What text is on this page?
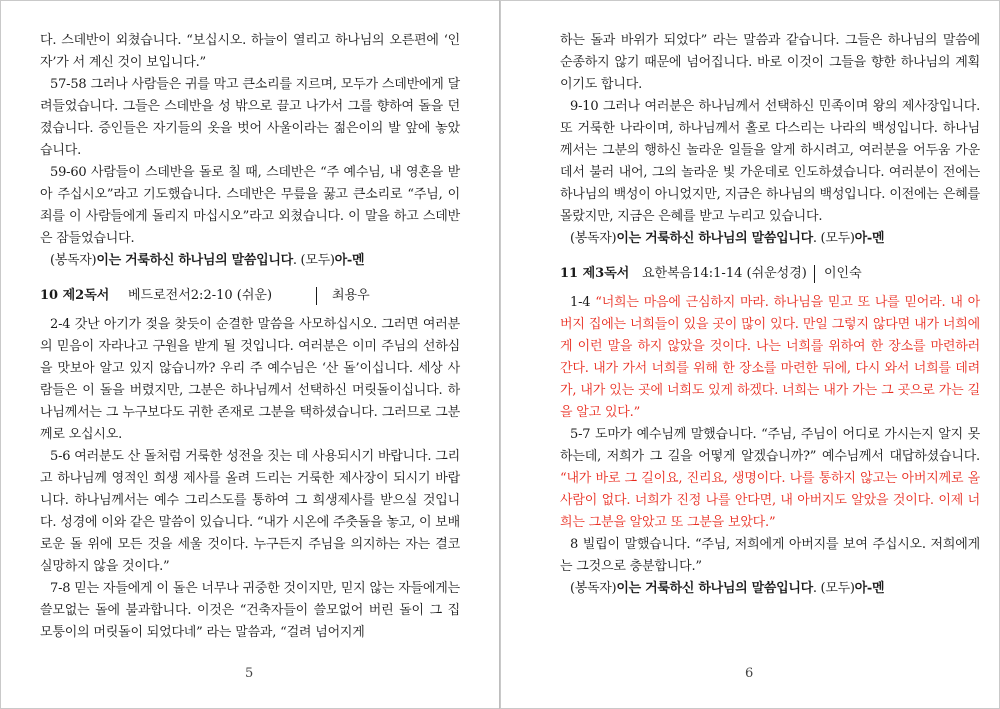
다. 스데반이 외쳤습니다. “보십시오. 하늘이 열리고 하나님의 오른편에 ‘인자’가 서 계신 것이 보입니다.”

57-58 그러나 사람들은 귀를 막고 큰소리를 지르며, 모두가 스데반에게 달려들었습니다. 그들은 스데반을 성 밖으로 끌고 나가서 그를 향하여 돌을 던졌습니다. 증인들은 자기들의 옷을 벗어 사울이라는 젊은이의 발 앞에 놓았습니다.

59-60 사람들이 스데반을 돌로 칠 때, 스데반은 “주 예수님, 내 영혼을 받아 주십시오”라고 기도했습니다. 스데반은 무릎을 꿇고 큰소리로 “주님, 이 죄를 이 사람들에게 돌리지 마십시오”라고 외쳤습니다. 이 말을 하고 스데반은 잠들었습니다.

(봉독자)이는 거룩하신 하나님의 말씀입니다. (모두)아-멘

10 제2독서 베드로전서2:2-10 (쉬운)	최용우

2-4 갓난 아기가 젖을 찾듯이 순결한 말씀을 사모하십시오. 그러면 여러분의 믿음이 자라나고 구원을 받게 될 것입니다. 여러분은 이미 주님의 선하심을 맛보아 알고 있지 않습니까? 우리 주 예수님은 ‘산 돌’이십니다. 세상 사람들은 이 돌을 버렸지만, 그분은 하나님께서 선택하신 머릿돌이십니다. 하나님께서는 그 누구보다도 귀한 존재로 그분을 택하셨습니다. 그러므로 그분께로 오십시오.

5-6 여러분도 산 돌처럼 거룩한 성전을 짓는 데 사용되시기 바랍니다. 그리고 하나님께 영적인 희생 제사를 올려 드리는 거룩한 제사장이 되시기 바랍니다. 하나님께서는 예수 그리스도를 통하여 그 희생제사를 받으실 것입니다. 성경에 이와 같은 말씀이 있습니다. “내가 시온에 주춧돌을 놓고, 이 보배로운 돌 위에 모든 것을 세울 것이다. 누구든지 주님을 의지하는 자는 결코 실망하지 않을 것이다.”

7-8 믿는 자들에게 이 돌은 너무나 귀중한 것이지만, 믿지 않는 자들에게는 쓸모없는 돌에 불과합니다. 이것은 “건축자들이 쓸모없어 버린 돌이 그 집 모퉁이의 머릿돌이 되었다네” 라는 말씀과, “걸려 넘어지게

5

하는 돌과 바위가 되었다” 라는 말씀과 같습니다. 그들은 하나님의 말씀에 순종하지 않기 때문에 넘어집니다. 바로 이것이 그들을 향한 하나님의 계획이기도 합니다.

9-10 그러나 여러분은 하나님께서 선택하신 민족이며 왕의 제사장입니다. 또 거룩한 나라이며, 하나님께서 홀로 다스리는 나라의 백성입니다. 하나님께서는 그분의 행하신 놀라운 일들을 알게 하시려고, 여러분을 어두움 가운데서 불러 내어, 그의 놀라운 빛 가운데로 인도하셨습니다. 여러분이 전에는 하나님의 백성이 아니었지만, 지금은 하나님의 백성입니다. 이전에는 은혜를 몰랐지만, 지금은 은혜를 받고 누리고 있습니다.

(봉독자)이는 거룩하신 하나님의 말씀입니다. (모두)아-멘

11 제3독서 요한복음14:1-14 (쉬운성경) 이인숙

1-4 “너희는 마음에 근심하지 마라. 하나님을 믿고 또 나를 믿어라. 내 아버지 집에는 너희들이 있을 곳이 많이 있다. 만일 그렇지 않다면 내가 너희에게 이런 말을 하지 않았을 것이다. 나는 너희를 위하여 한 장소를 마련하러 간다. 내가 가서 너희를 위해 한 장소를 마련한 뒤에, 다시 와서 너희를 데려가, 내가 있는 곳에 너희도 있게 하겠다. 너희는 내가 가는 그 곳으로 가는 길을 알고 있다.”

5-7 도마가 예수님께 말했습니다. “주님, 주님이 어디로 가시는지 알지 못하는데, 저희가 그 길을 어떻게 알겠습니까?” 예수님께서 대답하셨습니다. “내가 바로 그 길이요, 진리요, 생명이다. 나를 통하지 않고는 아버지께로 올 사람이 없다. 너희가 진정 나를 안다면, 내 아버지도 알았을 것이다. 이제 너희는 그분을 알았고 또 그분을 보았다.”

8 빌립이 말했습니다. “주님, 저희에게 아버지를 보여 주십시오. 저희에게는 그것으로 충분합니다.”

(봉독자)이는 거룩하신 하나님의 말씀입니다. (모두)아-멘

6
